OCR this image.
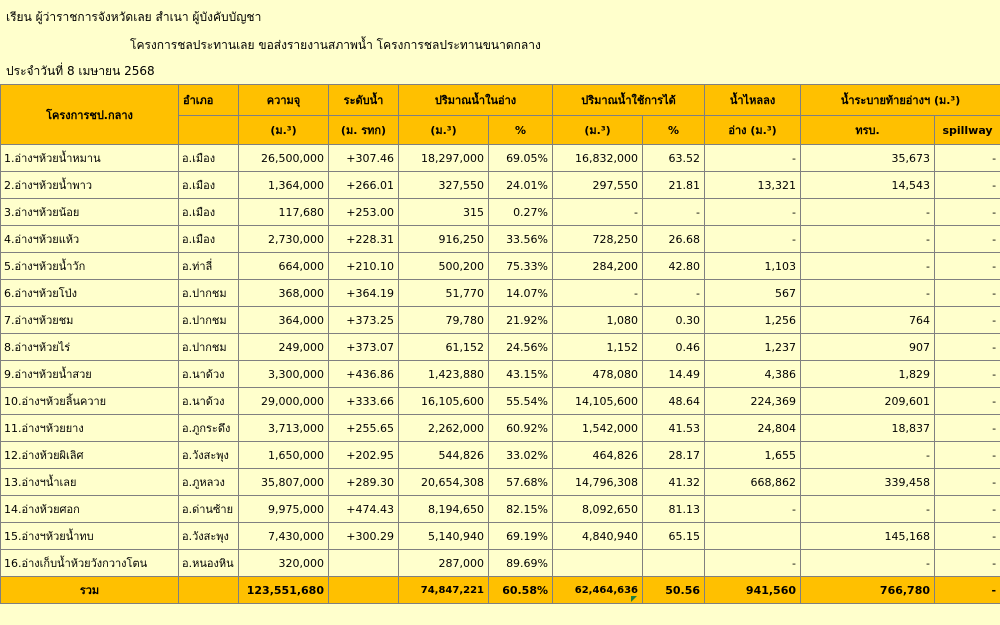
เรียน ผู้ว่าราชการจังหวัดเลย สำเนา ผู้บังคับบัญชา
โครงการชลประทานเลย ขอส่งรายงานสภาพน้ำ โครงการชลประทานขนาดกลาง
ประจำวันที่ 8 เมษายน 2568
โครงการชป.กลาง	อำเภอ	ความจุ	ระดับน้ำ	ปริมาณน้ำในอ่าง		ปริมาณน้ำใช้การได้		น้ำไหลลง	น้ำระบายท้ายอ่างฯ (ม.³)	
		(ม.³)	(ม. รทก)	(ม.³)	%	(ม.³)	%	อ่าง (ม.³)	ทรบ.	spillway
1.อ่างฯห้วยน้ำหมาน	อ.เมือง	26,500,000	+307.46	18,297,000	69.05%	16,832,000	63.52	-	35,673	-
2.อ่างฯห้วยน้ำพาว	อ.เมือง	1,364,000	+266.01	327,550	24.01%	297,550	21.81	13,321	14,543	-
3.อ่างฯห้วยน้อย	อ.เมือง	117,680	+253.00	315	0.27%	-	-	-	-	-
4.อ่างฯห้วยแห้ว	อ.เมือง	2,730,000	+228.31	916,250	33.56%	728,250	26.68	-	-	-
5.อ่างฯห้วยน้ำวัก	อ.ท่าลี่	664,000	+210.10	500,200	75.33%	284,200	42.80	1,103	-	-
6.อ่างฯห้วยโป่ง	อ.ปากชม	368,000	+364.19	51,770	14.07%	-	-	567	-	-
7.อ่างฯห้วยชม	อ.ปากชม	364,000	+373.25	79,780	21.92%	1,080	0.30	1,256	764	-
8.อ่างฯห้วยไร่	อ.ปากชม	249,000	+373.07	61,152	24.56%	1,152	0.46	1,237	907	-
9.อ่างฯห้วยน้ำสวย	อ.นาด้วง	3,300,000	+436.86	1,423,880	43.15%	478,080	14.49	4,386	1,829	-
10.อ่างฯห้วยลิ้นควาย	อ.นาด้วง	29,000,000	+333.66	16,105,600	55.54%	14,105,600	48.64	224,369	209,601	-
11.อ่างฯห้วยยาง	อ.ภูกระดึง	3,713,000	+255.65	2,262,000	60.92%	1,542,000	41.53	24,804	18,837	-
12.อ่างห้วยผิเลิศ	อ.วังสะพุง	1,650,000	+202.95	544,826	33.02%	464,826	28.17	1,655	-	-
13.อ่างฯน้ำเลย	อ.ภูหลวง	35,807,000	+289.30	20,654,308	57.68%	14,796,308	41.32	668,862	339,458	-
14.อ่างห้วยศอก	อ.ด่านซ้าย	9,975,000	+474.43	8,194,650	82.15%	8,092,650	81.13	-	-	-
15.อ่างฯห้วยน้ำทบ	อ.วังสะพุง	7,430,000	+300.29	5,140,940	69.19%	4,840,940	65.15		145,168	-
16.อ่างเก็บน้ำห้วยวังกวางโตน	อ.หนองหิน	320,000		287,000	89.69%			-	-	-
รวม		123,551,680		74,847,221	60.58%	62,464,636	50.56	941,560	766,780	-
